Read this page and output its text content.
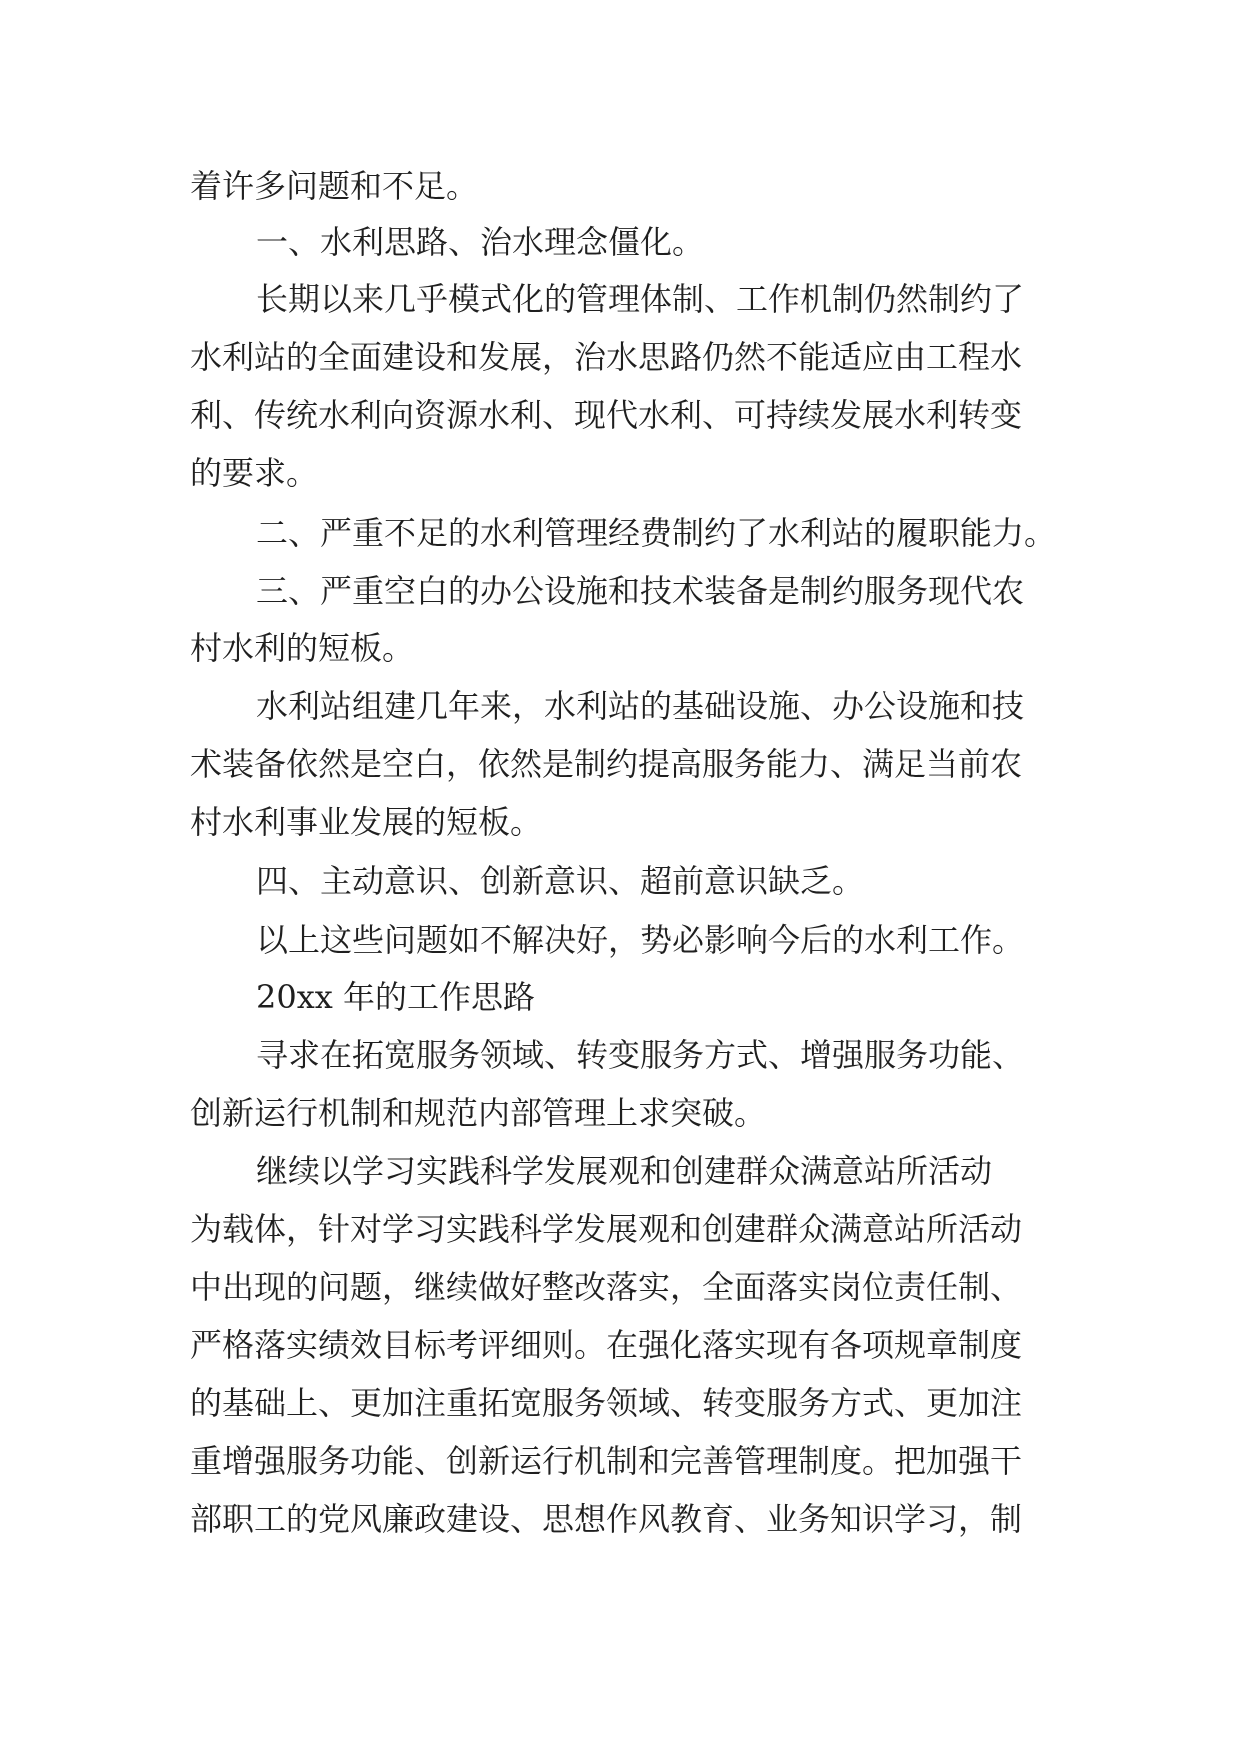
着许多问题和不足。

一、水利思路、治水理念僵化。

长期以来几乎模式化的管理体制、工作机制仍然制约了

水利站的全面建设和发展，治水思路仍然不能适应由工程水

利、传统水利向资源水利、现代水利、可持续发展水利转变

的要求。

二、严重不足的水利管理经费制约了水利站的履职能力。

三、严重空白的办公设施和技术装备是制约服务现代农

村水利的短板。

水利站组建几年来，水利站的基础设施、办公设施和技

术装备依然是空白，依然是制约提高服务能力、满足当前农

村水利事业发展的短板。

四、主动意识、创新意识、超前意识缺乏。

以上这些问题如不解决好，势必影响今后的水利工作。

20xx 年的工作思路

寻求在拓宽服务领域、转变服务方式、增强服务功能、

创新运行机制和规范内部管理上求突破。

继续以学习实践科学发展观和创建群众满意站所活动

为载体，针对学习实践科学发展观和创建群众满意站所活动

中出现的问题，继续做好整改落实，全面落实岗位责任制、

严格落实绩效目标考评细则。在强化落实现有各项规章制度

的基础上、更加注重拓宽服务领域、转变服务方式、更加注

重增强服务功能、创新运行机制和完善管理制度。把加强干

部职工的党风廉政建设、思想作风教育、业务知识学习，制
